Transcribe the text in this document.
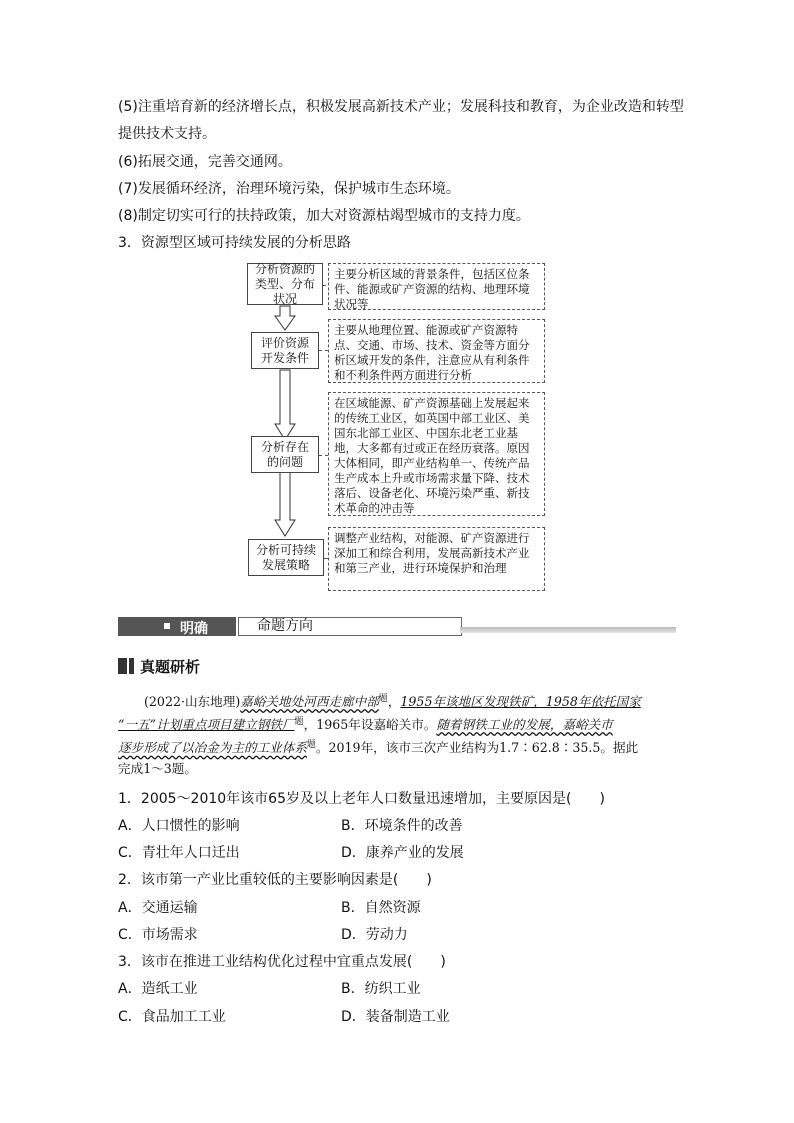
(5)注重培育新的经济增长点，积极发展高新技术产业；发展科技和教育，为企业改造和转型
提供技术支持。
(6)拓展交通，完善交通网。
(7)发展循环经济，治理环境污染，保护城市生态环境。
(8)制定切实可行的扶持政策，加大对资源枯竭型城市的支持力度。
3．资源型区域可持续发展的分析思路
分析资源的类型、分布状况
主要分析区域的背景条件，包括区位条件、能源或矿产资源的结构、地理环境状况等
评价资源开发条件
主要从地理位置、能源或矿产资源特点、交通、市场、技术、资金等方面分析区域开发的条件，注意应从有利条件和不利条件两方面进行分析
分析存在的问题
在区域能源、矿产资源基础上发展起来的传统工业区，如英国中部工业区、美国东北部工业区、中国东北老工业基地，大多都有过或正在经历衰落。原因大体相同，即产业结构单一、传统产品生产成本上升或市场需求量下降、技术落后、设备老化、环境污染严重、新技术革命的冲击等
分析可持续发展策略
调整产业结构，对能源、矿产资源进行深加工和综合利用，发展高新技术产业和第三产业，进行环境保护和治理
明确	命题方向
真题研析
(2022·山东地理)嘉峪关地处河西走廊中部$^题$，1955年该地区发现铁矿，1958年依托国家
“一五”计划重点项目建立钢铁厂$^题$，1965年设嘉峪关市。随着钢铁工业的发展，嘉峪关市
逐步形成了以冶金为主的工业体系$^题$。2019年，该市三次产业结构为1.7∶62.8∶35.5。据此
完成1～3题。
1．2005～2010年该市65岁及以上老年人口数量迅速增加，主要原因是(　　)
A．人口惯性的影响	B．环境条件的改善
C．青壮年人口迁出	D．康养产业的发展
2．该市第一产业比重较低的主要影响因素是(　　)
A．交通运输	B．自然资源
C．市场需求	D．劳动力
3．该市在推进工业结构优化过程中宜重点发展(　　)
A．造纸工业	B．纺织工业
C．食品加工工业	D．装备制造工业
